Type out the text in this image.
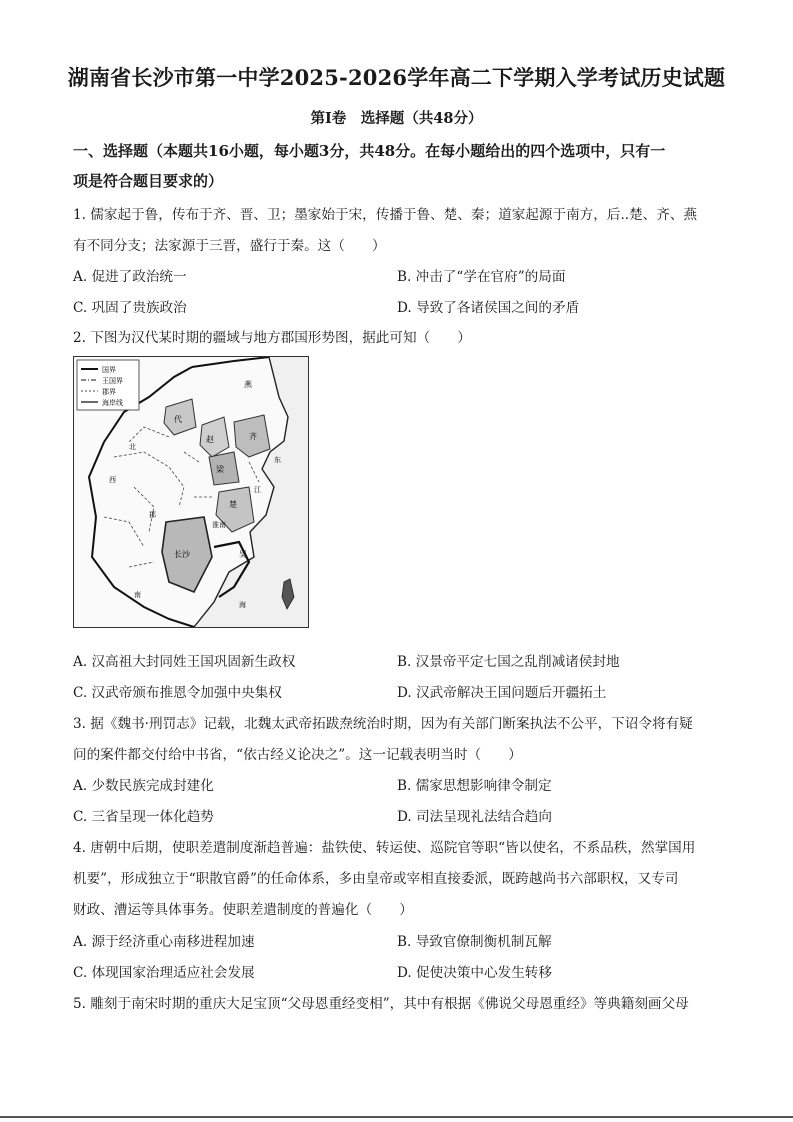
湖南省长沙市第一中学2025-2026学年高二下学期入学考试历史试题
第Ⅰ卷　选择题（共48分）
一、选择题（本题共16小题，每小题3分，共48分。在每小题给出的四个选项中，只有一
项是符合题目要求的）
1. 儒家起于鲁，传布于齐、晋、卫；墨家始于宋，传播于鲁、楚、秦；道家起源于南方，后..楚、齐、燕
有不同分支；法家源于三晋，盛行于秦。这（　　）
A. 促进了政治统一	B. 冲击了“学在官府”的局面
C. 巩固了贵族政治	D. 导致了各诸侯国之间的矛盾
2. 下图为汉代某时期的疆域与地方郡国形势图，据此可知（　　）
国界
王国界
郡界
海岸线
代
赵
燕
齐
梁
楚
吴
淮南
长沙
北
西
南
海
郡
江
东
A. 汉高祖大封同姓王国巩固新生政权	B. 汉景帝平定七国之乱削减诸侯封地
C. 汉武帝颁布推恩令加强中央集权	D. 汉武帝解决王国问题后开疆拓土
3. 据《魏书·刑罚志》记载，北魏太武帝拓跋焘统治时期，因为有关部门断案执法不公平，下诏令将有疑
问的案件都交付给中书省，“依古经义论决之”。这一记载表明当时（　　）
A. 少数民族完成封建化	B. 儒家思想影响律令制定
C. 三省呈现一体化趋势	D. 司法呈现礼法结合趋向
4. 唐朝中后期，使职差遣制度渐趋普遍：盐铁使、转运使、巡院官等职“皆以使名，不系品秩，然掌国用
机要”，形成独立于“职散官爵”的任命体系，多由皇帝或宰相直接委派，既跨越尚书六部职权，又专司
财政、漕运等具体事务。使职差遣制度的普遍化（　　）
A. 源于经济重心南移进程加速	B. 导致官僚制衡机制瓦解
C. 体现国家治理适应社会发展	D. 促使决策中心发生转移
5. 雕刻于南宋时期的重庆大足宝顶“父母恩重经变相”，其中有根据《佛说父母恩重经》等典籍刻画父母
